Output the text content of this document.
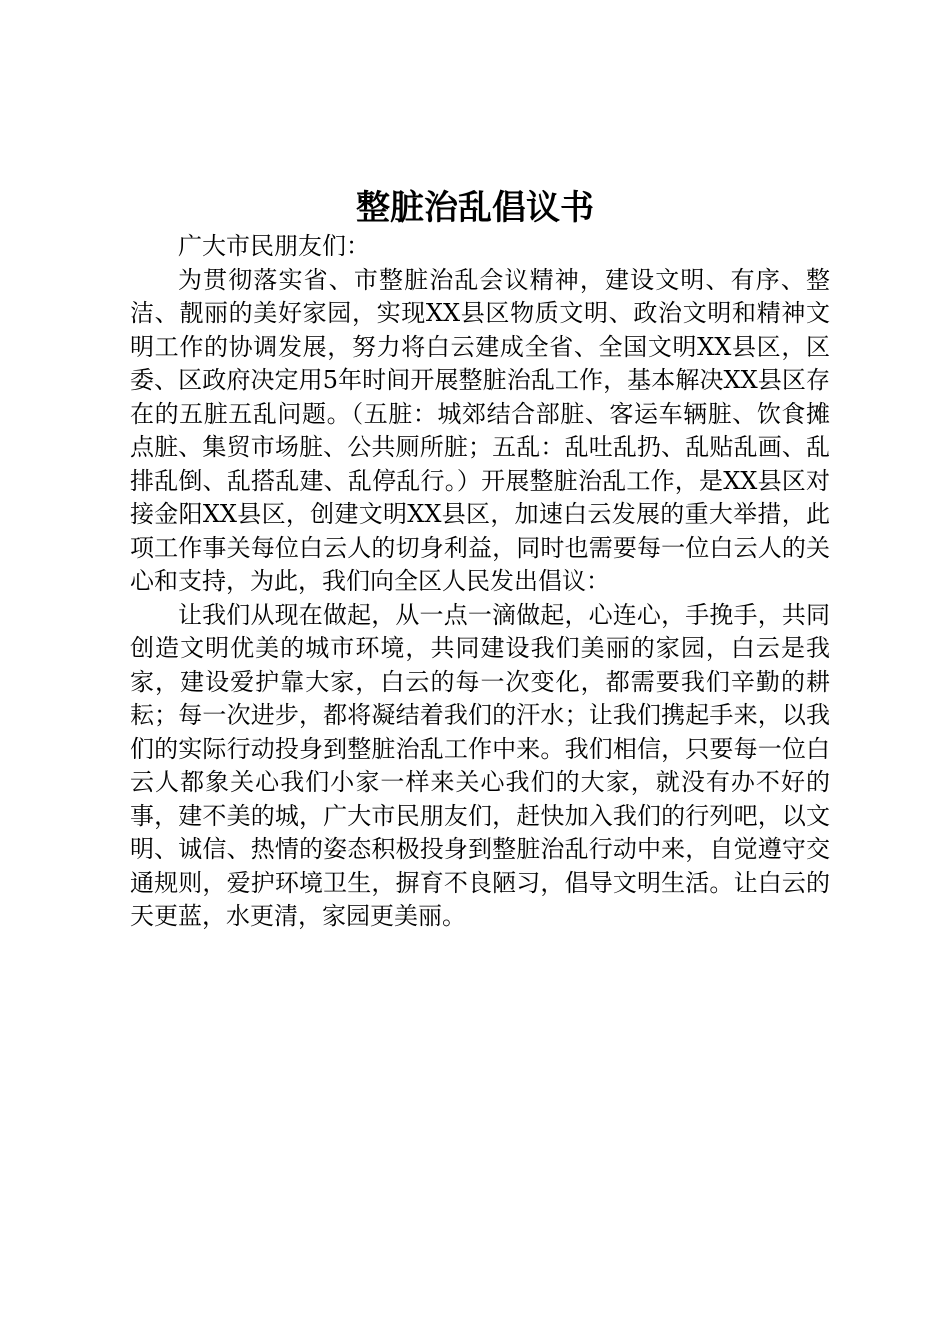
整脏治乱倡议书

广大市民朋友们：

为贯彻落实省、市整脏治乱会议精神，建设文明、有序、整洁、靓丽的美好家园，实现XX县区物质文明、政治文明和精神文明工作的协调发展，努力将白云建成全省、全国文明XX县区，区委、区政府决定用5年时间开展整脏治乱工作，基本解决XX县区存在的五脏五乱问题。（五脏：城郊结合部脏、客运车辆脏、饮食摊点脏、集贸市场脏、公共厕所脏；五乱：乱吐乱扔、乱贴乱画、乱排乱倒、乱搭乱建、乱停乱行。）开展整脏治乱工作，是XX县区对接金阳XX县区，创建文明XX县区，加速白云发展的重大举措，此项工作事关每位白云人的切身利益，同时也需要每一位白云人的关心和支持，为此，我们向全区人民发出倡议：

让我们从现在做起，从一点一滴做起，心连心，手挽手，共同创造文明优美的城市环境，共同建设我们美丽的家园，白云是我家，建设爱护靠大家，白云的每一次变化，都需要我们辛勤的耕耘；每一次进步，都将凝结着我们的汗水；让我们携起手来，以我们的实际行动投身到整脏治乱工作中来。我们相信，只要每一位白云人都象关心我们小家一样来关心我们的大家，就没有办不好的事，建不美的城，广大市民朋友们，赶快加入我们的行列吧，以文明、诚信、热情的姿态积极投身到整脏治乱行动中来，自觉遵守交通规则，爱护环境卫生，摒育不良陋习，倡导文明生活。让白云的天更蓝，水更清，家园更美丽。
